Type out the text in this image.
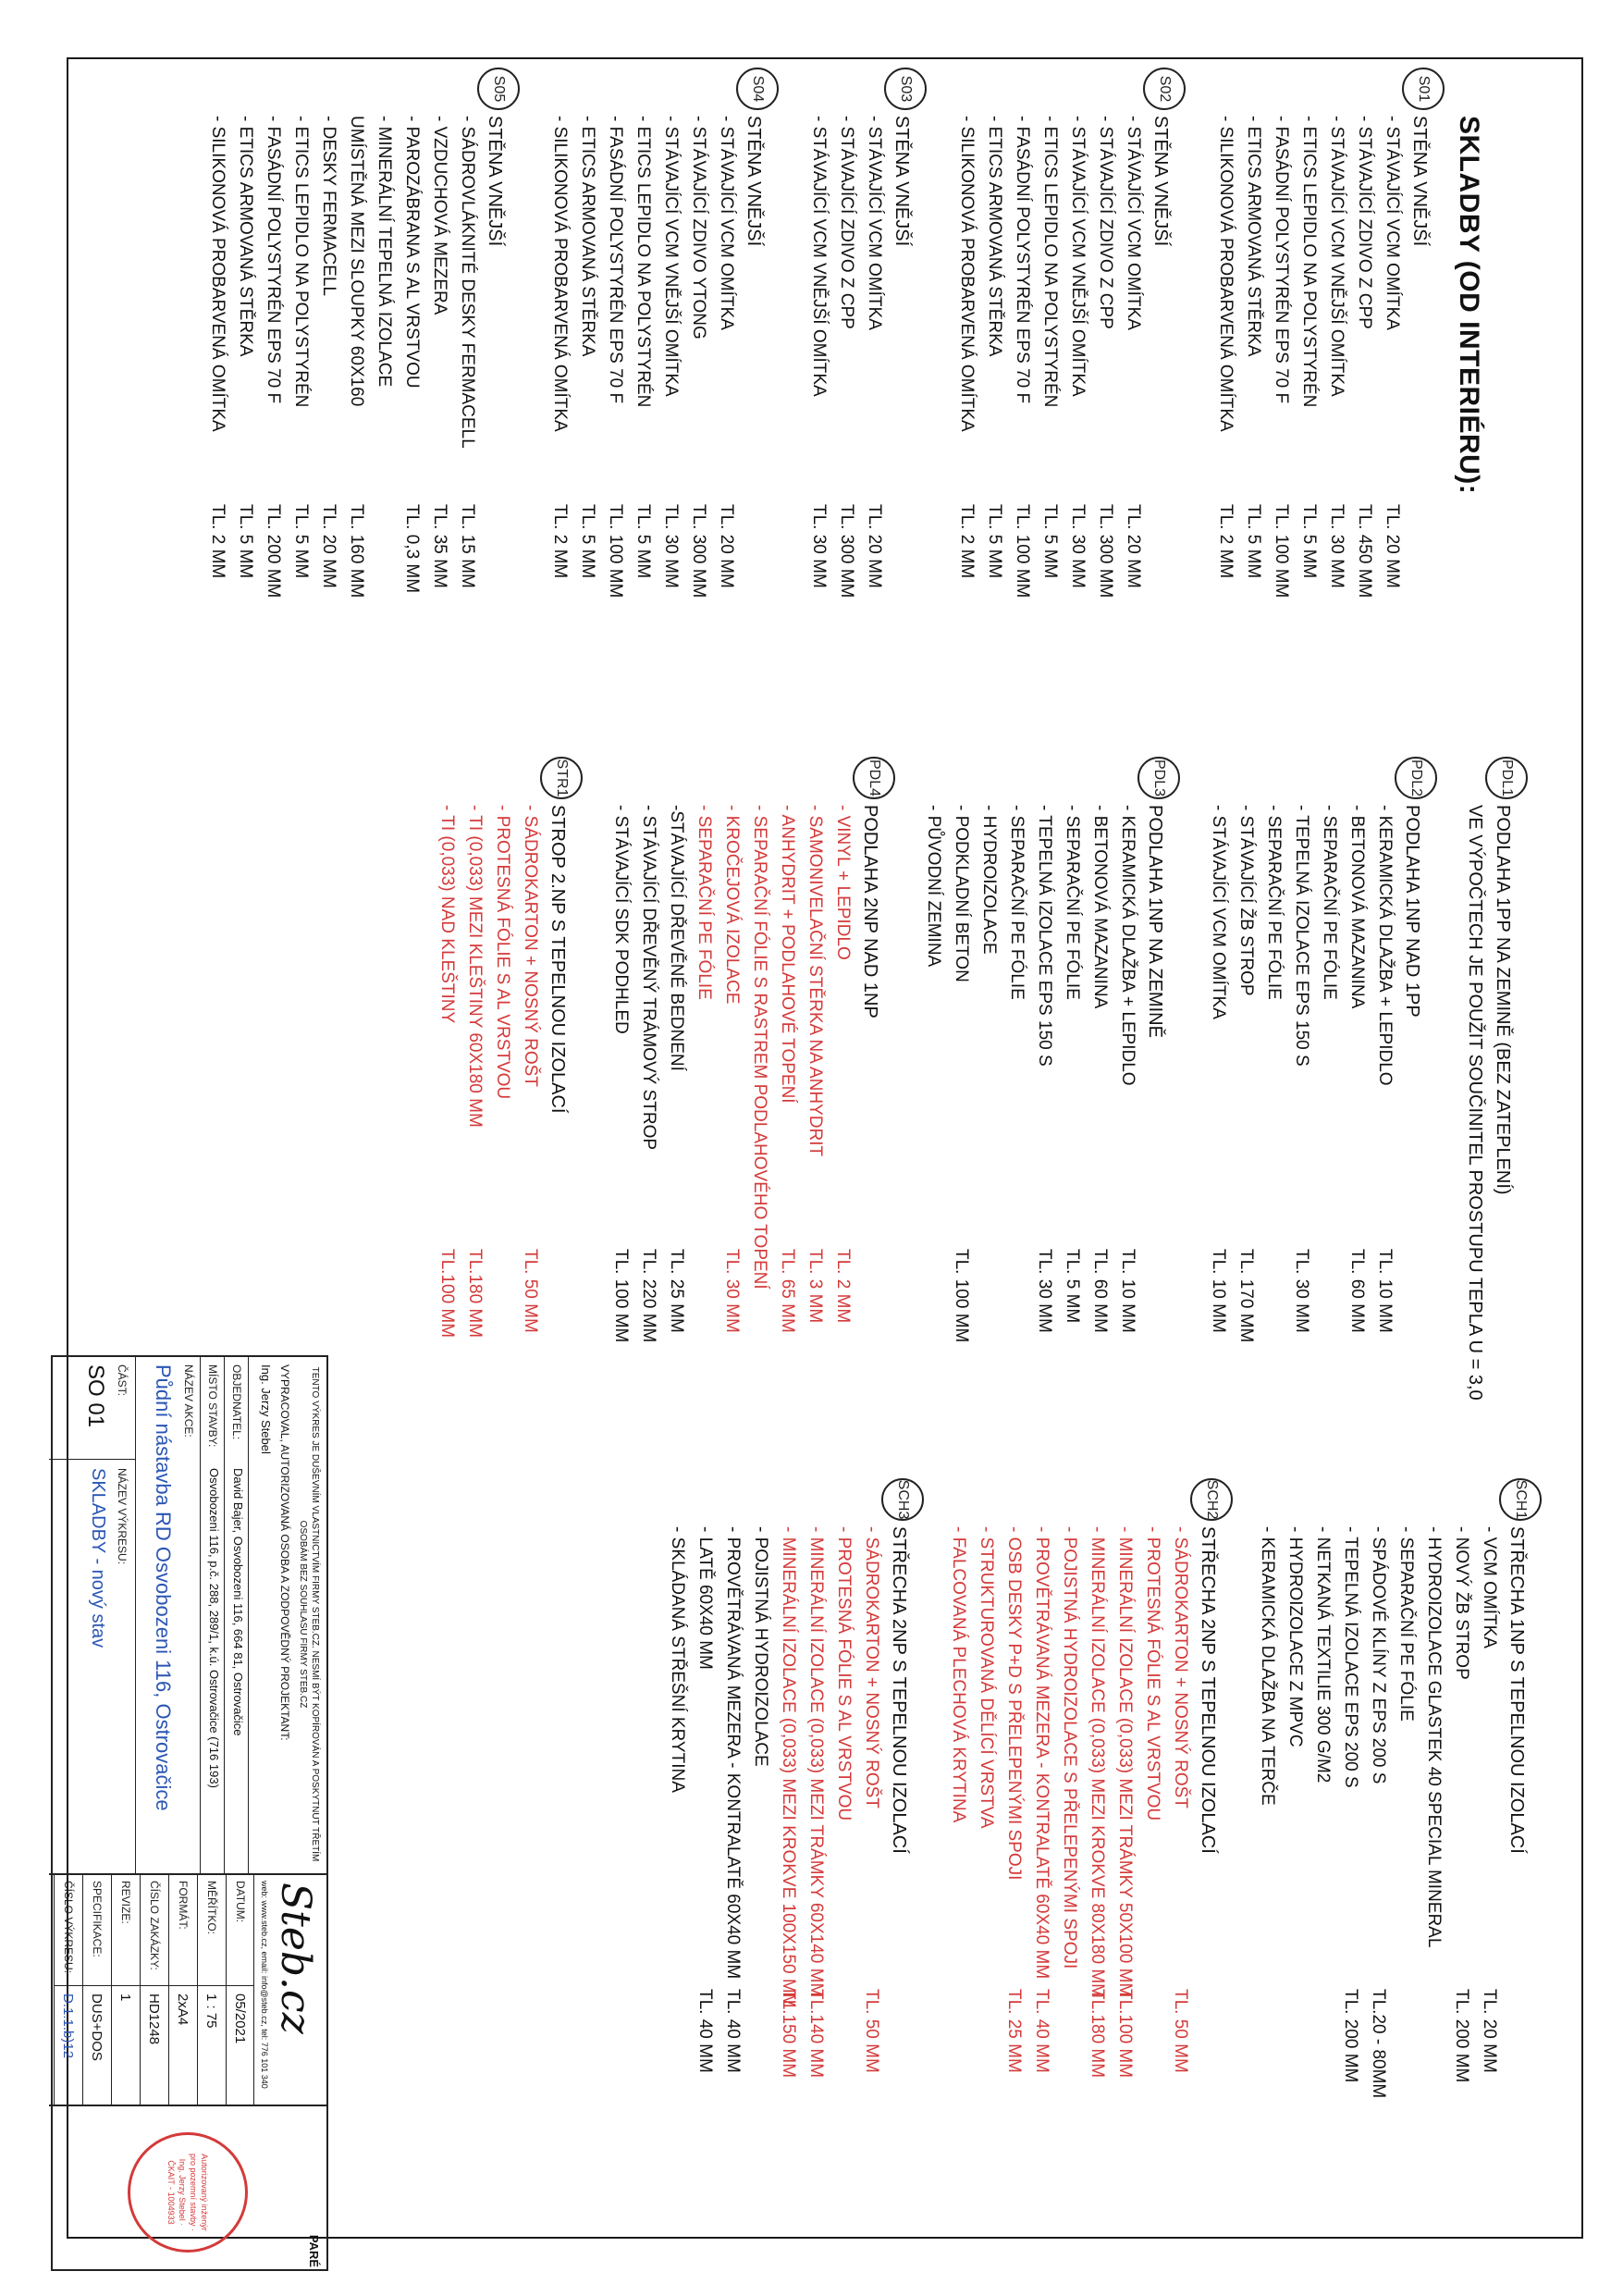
SKLADBY (OD INTERIÉRU):
S01
STĚNA VNĚJŠÍ
- STÁVAJÍCÍ VCM OMÍTKA
TL. 20 MM
- STÁVAJÍCÍ ZDIVO Z CPP
TL. 450 MM
- STÁVAJÍCÍ VCM VNĚJŠÍ OMÍTKA
TL. 30 MM
- ETICS LEPIDLO NA POLYSTYRÉN
TL. 5 MM
- FASÁDNÍ POLYSTYRÉN EPS 70 F
TL. 100 MM
- ETICS ARMOVANÁ STĚRKA
TL. 5 MM
- SILIKONOVÁ PROBARVENÁ OMÍTKA
TL. 2 MM
S02
STĚNA VNĚJŠÍ
- STÁVAJÍCÍ VCM OMÍTKA
TL. 20 MM
- STÁVAJÍCÍ ZDIVO Z CPP
TL. 300 MM
- STÁVAJÍCÍ VCM VNĚJŠÍ OMÍTKA
TL. 30 MM
- ETICS LEPIDLO NA POLYSTYRÉN
TL. 5 MM
- FASÁDNÍ POLYSTYRÉN EPS 70 F
TL. 100 MM
- ETICS ARMOVANÁ STĚRKA
TL. 5 MM
- SILIKONOVÁ PROBARVENÁ OMÍTKA
TL. 2 MM
S03
STĚNA VNĚJŠÍ
- STÁVAJÍCÍ VCM OMÍTKA
TL. 20 MM
- STÁVAJÍCÍ ZDIVO Z CPP
TL. 300 MM
- STÁVAJÍCÍ VCM VNĚJŠÍ OMÍTKA
TL. 30 MM
S04
STĚNA VNĚJŠÍ
- STÁVAJÍCÍ VCM OMÍTKA
TL. 20 MM
- STÁVAJÍCÍ ZDIVO YTONG
TL. 300 MM
- STÁVAJÍCÍ VCM VNĚJŠÍ OMÍTKA
TL. 30 MM
- ETICS LEPIDLO NA POLYSTYRÉN
TL. 5 MM
- FASÁDNÍ POLYSTYRÉN EPS 70 F
TL. 100 MM
- ETICS ARMOVANÁ STĚRKA
TL. 5 MM
- SILIKONOVÁ PROBARVENÁ OMÍTKA
TL. 2 MM
S05
STĚNA VNĚJŠÍ
- SÁDROVLÁKNITÉ DESKY FERMACELL
TL. 15 MM
- VZDUCHOVÁ MEZERA
TL. 35 MM
- PAROZÁBRANA S AL VRSTVOU
TL. 0,3 MM
- MINERÁLNÍ TEPELNÁ IZOLACE
UMÍSTĚNÁ MEZI SLOUPKY 60X160
TL. 160 MM
- DESKY FERMACELL
TL. 20 MM
- ETICS LEPIDLO NA POLYSTYRÉN
TL. 5 MM
- FASÁDNÍ POLYSTYRÉN EPS 70 F
TL. 200 MM
- ETICS ARMOVANÁ STĚRKA
TL. 5 MM
- SILIKONOVÁ PROBARVENÁ OMÍTKA
TL. 2 MM
PDL1
PODLAHA 1PP NA ZEMINĚ (BEZ ZATEPLENÍ)
VE VÝPOČTECH JE POUŽIT SOUČINITEL PROSTUPU TEPLA U = 3,0
PDL2
PODLAHA 1NP NAD 1PP
- KERAMICKÁ DLAŽBA + LEPIDLO
TL. 10 MM
- BETONOVÁ MAZANINA
TL. 60 MM
- SEPARAČNÍ PE FÓLIE
- TEPELNÁ IZOLACE EPS 150 S
TL. 30 MM
- SEPARAČNÍ PE FÓLIE
- STÁVAJÍCÍ ŽB STROP
TL. 170 MM
- STÁVAJÍCÍ VCM OMÍTKA
TL. 10 MM
PDL3
PODLAHA 1NP NA ZEMINĚ
- KERAMICKÁ DLAŽBA + LEPIDLO
TL. 10 MM
- BETONOVÁ MAZANINA
TL. 60 MM
- SEPARAČNÍ PE FÓLIE
TL. 5 MM
- TEPELNÁ IZOLACE EPS 150 S
TL. 30 MM
- SEPARAČNÍ PE FÓLIE
- HYDROIZOLACE
- PODKLADNÍ BETON
TL. 100 MM
- PŮVODNÍ ZEMINA
PDL4
PODLAHA 2NP NAD 1NP
- VINYL + LEPIDLO
TL. 2 MM
- SAMONIVELAČNÍ STĚRKA NA ANHYDRIT
TL. 3 MM
- ANHYDRIT + PODLAHOVÉ TOPENÍ
TL. 65 MM
- SEPARAČNÍ FÓLIE S RASTREM PODLAHOVÉHO TOPENÍ
- KROČEJOVÁ IZOLACE
TL. 30 MM
- SEPARAČNÍ PE FÓLIE
-STÁVAJÍCÍ DŘEVĚNÉ BEDNENÍ
TL. 25 MM
- STÁVAJÍCÍ DŘEVĚNÝ TRÁMOVÝ STROP
TL. 220 MM
- STÁVAJÍCÍ SDK PODHLED
TL. 100 MM
STR1
STROP 2.NP S TEPELNOU IZOLACÍ
- SÁDROKARTON + NOSNÝ ROŠT
TL. 50 MM
- PROTESNÁ FÓLIE S AL VRSTVOU
- TI (0,033) MEZI KLEŠTINY 60X180 MM
TL.180 MM
- TI (0,033) NAD KLEŠTINY
TL.100 MM
SCH1
STŘECHA 1NP S TEPELNOU IZOLACÍ
- VCM OMÍTKA
TL. 20 MM
- NOVÝ ŽB STROP
TL. 200 MM
- HYDROIZOLACE GLASTEK 40 SPECIAL MINERAL
- SEPARAČNÍ PE FÓLIE
- SPÁDOVÉ KLÍNY Z EPS 200 S
TL.20 - 80MM
- TEPELNÁ IZOLACE EPS 200 S
TL. 200 MM
- NETKANÁ TEXTILIE 300 G/M2
- HYDROIZOLACE Z MPVC
- KERAMICKÁ DLAŽBA NA TERČE
SCH2
STŘECHA 2NP S TEPELNOU IZOLACÍ
- SÁDROKARTON + NOSNÝ ROŠT
TL. 50 MM
- PROTESNÁ FÓLIE S AL VRSTVOU
- MINERÁLNÍ IZOLACE (0,033) MEZI TRÁMKY 50X100 MM
TL.100 MM
- MINERÁLNÍ IZOLACE (0,033) MEZI KROKVE 80X180 MM
TL.180 MM
- POJISTNÁ HYDROIZOLACE S PŘELEPENÝMI SPOJI
- PROVĚTRÁVANÁ MEZERA - KONTRALATĚ 60X40 MM
TL. 40 MM
- OSB DESKY P+D S PŘELEPENÝMI SPOJI
TL. 25 MM
- STRUKTUROVANÁ DĚLÍCÍ VRSTVA
- FALCOVANÁ PLECHOVÁ KRYTINA
SCH3
STŘECHA 2NP S TEPELNOU IZOLACÍ
- SÁDROKARTON + NOSNÝ ROŠT
TL. 50 MM
- PROTESNÁ FÓLIE S AL VRSTVOU
- MINERÁLNÍ IZOLACE (0,033) MEZI TRÁMKY 60X140 MM
TL.140 MM
- MINERÁLNÍ IZOLACE (0,033) MEZI KROKVE 100X150 MM
TL.150 MM
- POJISTNÁ HYDROIZOLACE
- PROVĚTRÁVANÁ MEZERA - KONTRALATĚ 60X40 MM
TL. 40 MM
- LATĚ 60X40 MM
TL. 40 MM
- SKLÁDANÁ STŘEŠNÍ KRYTINA
TENTO VÝKRES JE DUŠEVNÍM VLASTNICTVÍM FIRMY STEB.CZ. NESMÍ BÝT KOPÍROVÁN A POSKYTNUT TŘETÍM OSOBÁM BEZ SOUHLASU FIRMY STEB.CZ
VYPRACOVAL, AUTORIZOVANÁ OSOBA A ZODPOVĚDNÝ PROJEKTANT:
Ing. Jerzy Stebel
OBJEDNATEL:
David Bajer, Osvobozeni 116, 664 81, Ostrovačice
MÍSTO STAVBY:
Osvobozeni 116, p.č. 288, 289/1, k.ú. Ostrovačice (716 193)
NÁZEV AKCE:
Půdní nástavba RD Osvobozeni 116, Ostrovačice
ČÁST:
SO 01
NÁZEV VÝKRESU:
SKLADBY - nový stav
Steb.cz
web: www.steb.cz, email: info@steb.cz, tel: 776 101 340
DATUM:
05/2021
MĚŘÍTKO:
1 : 75
FORMÁT:
2xA4
ČÍSLO ZAKÁZKY:
HD1248
REVIZE:
1
SPECIFIKACE:
DUS+DOS
ČÍSLO VÝKRESU:
D.1.1.b)12
PARÉ
Autorizovaný inženýr pro pozemní stavby · Ing. Jerzy Stebel · ČKAIT - 1004933
